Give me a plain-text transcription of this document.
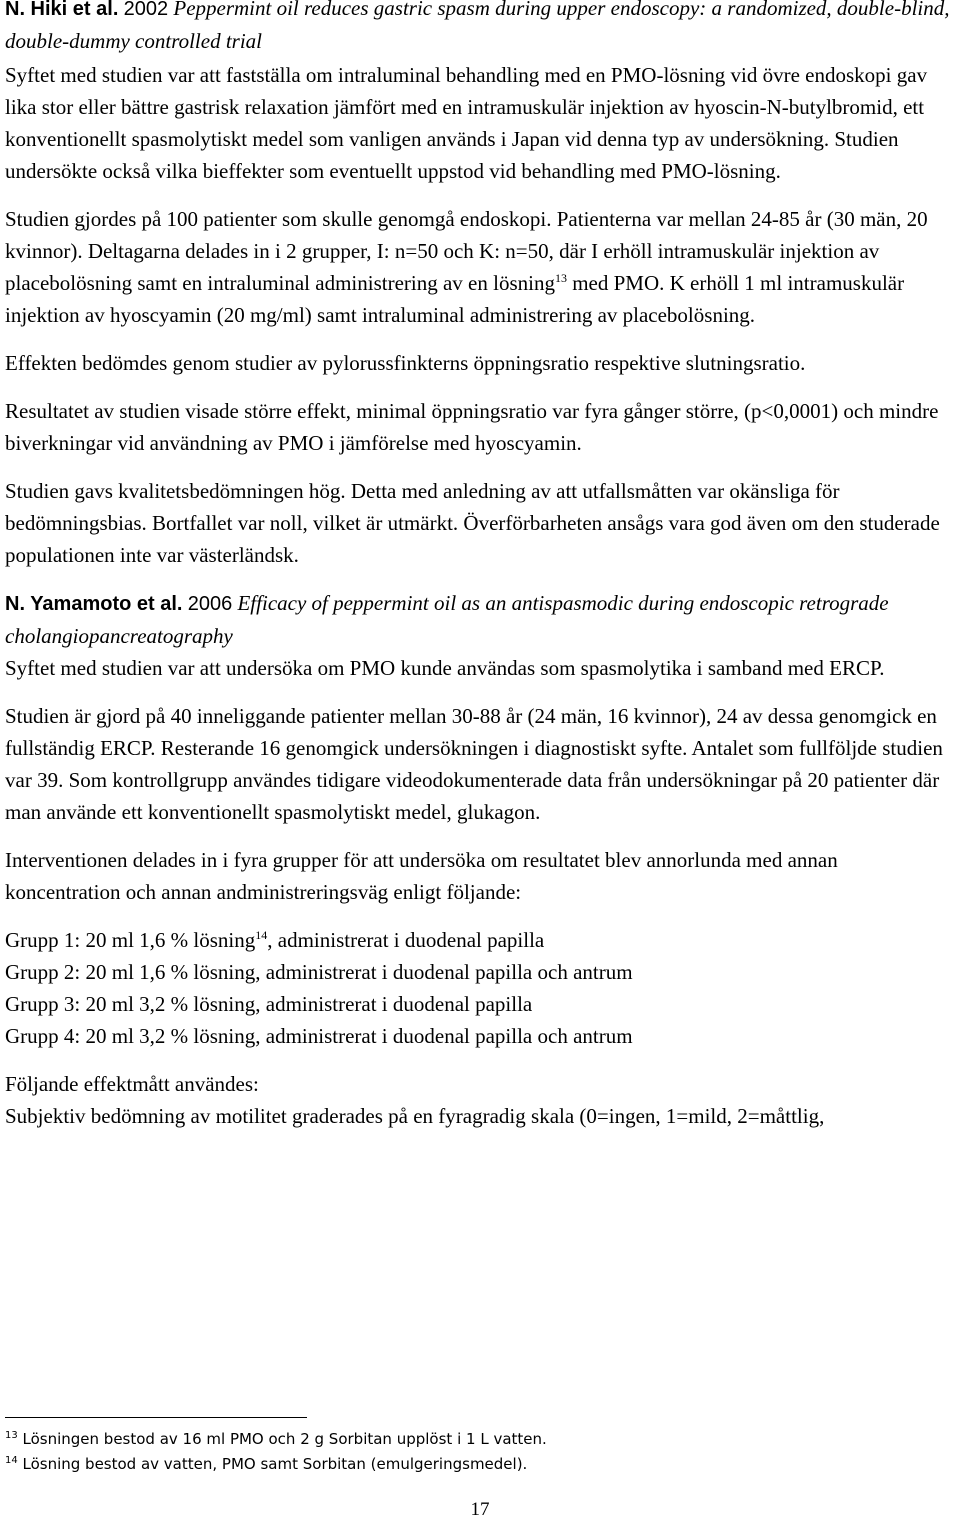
N. Hiki et al. 2002 Peppermint oil reduces gastric spasm during upper endoscopy: a randomized, double-blind, double-dummy controlled trial

Syftet med studien var att fastställa om intraluminal behandling med en PMO-lösning vid övre endoskopi gav lika stor eller bättre gastrisk relaxation jämfört med en intramuskulär injektion av hyoscin-N-butylbromid, ett konventionellt spasmolytiskt medel som vanligen används i Japan vid denna typ av undersökning. Studien undersökte också vilka bieffekter som eventuellt uppstod vid behandling med PMO-lösning.

Studien gjordes på 100 patienter som skulle genomgå endoskopi. Patienterna var mellan 24-85 år (30 män, 20 kvinnor). Deltagarna delades in i 2 grupper, I: n=50 och K: n=50, där I erhöll intramuskulär injektion av placebolösning samt en intraluminal administrering av en lösning$^{13}$ med PMO. K erhöll 1 ml intramuskulär injektion av hyoscyamin (20 mg/ml) samt intraluminal administrering av placebolösning.

Effekten bedömdes genom studier av pylorussfinkterns öppningsratio respektive slutningsratio.

Resultatet av studien visade större effekt, minimal öppningsratio var fyra gånger större, (p<0,0001) och mindre biverkningar vid användning av PMO i jämförelse med hyoscyamin.

Studien gavs kvalitetsbedömningen hög. Detta med anledning av att utfallsmåtten var okänsliga för bedömningsbias. Bortfallet var noll, vilket är utmärkt. Överförbarheten ansågs vara god även om den studerade populationen inte var västerländsk.

N. Yamamoto et al. 2006 Efficacy of peppermint oil as an antispasmodic during endoscopic retrograde cholangiopancreatography

Syftet med studien var att undersöka om PMO kunde användas som spasmolytika i samband med ERCP.

Studien är gjord på 40 inneliggande patienter mellan 30-88 år (24 män, 16 kvinnor), 24 av dessa genomgick en fullständig ERCP. Resterande 16 genomgick undersökningen i diagnostiskt syfte. Antalet som fullföljde studien var 39. Som kontrollgrupp användes tidigare videodokumenterade data från undersökningar på 20 patienter där man använde ett konventionellt spasmolytiskt medel, glukagon.

Interventionen delades in i fyra grupper för att undersöka om resultatet blev annorlunda med annan koncentration och annan andministreringsväg enligt följande:

Grupp 1: 20 ml 1,6 % lösning$^{14}$, administrerat i duodenal papilla

Grupp 2: 20 ml 1,6 % lösning, administrerat i duodenal papilla och antrum

Grupp 3: 20 ml 3,2 % lösning, administrerat i duodenal papilla

Grupp 4: 20 ml 3,2 % lösning, administrerat i duodenal papilla och antrum

Följande effektmått användes:

Subjektiv bedömning av motilitet graderades på en fyragradig skala (0=ingen, 1=mild, 2=måttlig,

$^{13}$ Lösningen bestod av 16 ml PMO och 2 g Sorbitan upplöst i 1 L vatten.
$^{14}$ Lösning bestod av vatten, PMO samt Sorbitan (emulgeringsmedel).
17
